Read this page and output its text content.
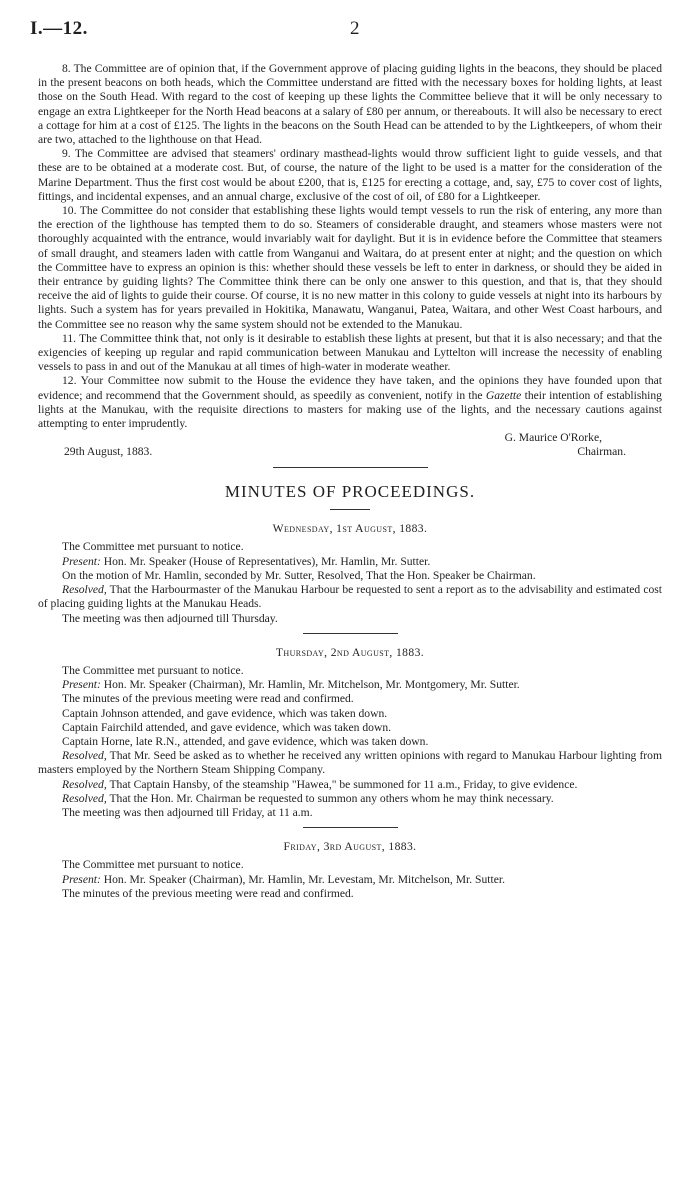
I.—12.	2

8. The Committee are of opinion that, if the Government approve of placing guiding lights in the beacons, they should be placed in the present beacons on both heads, which the Committee understand are fitted with the necessary boxes for holding lights, at least those on the South Head. With regard to the cost of keeping up these lights the Committee believe that it will be only necessary to engage an extra Lightkeeper for the North Head beacons at a salary of £80 per annum, or thereabouts. It will also be necessary to erect a cottage for him at a cost of £125. The lights in the beacons on the South Head can be attended to by the Lightkeepers, of whom their are two, attached to the lighthouse on that Head.

9. The Committee are advised that steamers' ordinary masthead-lights would throw sufficient light to guide vessels, and that these are to be obtained at a moderate cost. But, of course, the nature of the light to be used is a matter for the consideration of the Marine Department. Thus the first cost would be about £200, that is, £125 for erecting a cottage, and, say, £75 to cover cost of lights, fittings, and incidental expenses, and an annual charge, exclusive of the cost of oil, of £80 for a Lightkeeper.

10. The Committee do not consider that establishing these lights would tempt vessels to run the risk of entering, any more than the erection of the lighthouse has tempted them to do so. Steamers of considerable draught, and steamers whose masters were not thoroughly acquainted with the entrance, would invariably wait for daylight. But it is in evidence before the Committee that steamers of small draught, and steamers laden with cattle from Wanganui and Waitara, do at present enter at night; and the question on which the Committee have to express an opinion is this: whether should these vessels be left to enter in darkness, or should they be aided in their entrance by guiding lights? The Committee think there can be only one answer to this question, and that is, that they should receive the aid of lights to guide their course. Of course, it is no new matter in this colony to guide vessels at night into its harbours by lights. Such a system has for years prevailed in Hokitika, Manawatu, Wanganui, Patea, Waitara, and other West Coast harbours, and the Committee see no reason why the same system should not be extended to the Manukau.

11. The Committee think that, not only is it desirable to establish these lights at present, but that it is also necessary; and that the exigencies of keeping up regular and rapid communication between Manukau and Lyttelton will increase the necessity of enabling vessels to pass in and out of the Manukau at all times of high-water in moderate weather.

12. Your Committee now submit to the House the evidence they have taken, and the opinions they have founded upon that evidence; and recommend that the Government should, as speedily as convenient, notify in the Gazette their intention of establishing lights at the Manukau, with the requisite directions to masters for making use of the lights, and the necessary cautions against attempting to enter imprudently.

G. Maurice O'Rorke,
29th August, 1883.	Chairman.
MINUTES OF PROCEEDINGS.
Wednesday, 1st August, 1883.

The Committee met pursuant to notice.

Present: Hon. Mr. Speaker (House of Representatives), Mr. Hamlin, Mr. Sutter.

On the motion of Mr. Hamlin, seconded by Mr. Sutter, Resolved, That the Hon. Speaker be Chairman.

Resolved, That the Harbourmaster of the Manukau Harbour be requested to sent a report as to the advisability and estimated cost of placing guiding lights at the Manukau Heads.

The meeting was then adjourned till Thursday.

Thursday, 2nd August, 1883.

The Committee met pursuant to notice.

Present: Hon. Mr. Speaker (Chairman), Mr. Hamlin, Mr. Mitchelson, Mr. Montgomery, Mr. Sutter.

The minutes of the previous meeting were read and confirmed.

Captain Johnson attended, and gave evidence, which was taken down.

Captain Fairchild attended, and gave evidence, which was taken down.

Captain Horne, late R.N., attended, and gave evidence, which was taken down.

Resolved, That Mr. Seed be asked as to whether he received any written opinions with regard to Manukau Harbour lighting from masters employed by the Northern Steam Shipping Company.

Resolved, That Captain Hansby, of the steamship "Hawea," be summoned for 11 a.m., Friday, to give evidence.

Resolved, That the Hon. Mr. Chairman be requested to summon any others whom he may think necessary.

The meeting was then adjourned till Friday, at 11 a.m.

Friday, 3rd August, 1883.

The Committee met pursuant to notice.

Present: Hon. Mr. Speaker (Chairman), Mr. Hamlin, Mr. Levestam, Mr. Mitchelson, Mr. Sutter.

The minutes of the previous meeting were read and confirmed.
